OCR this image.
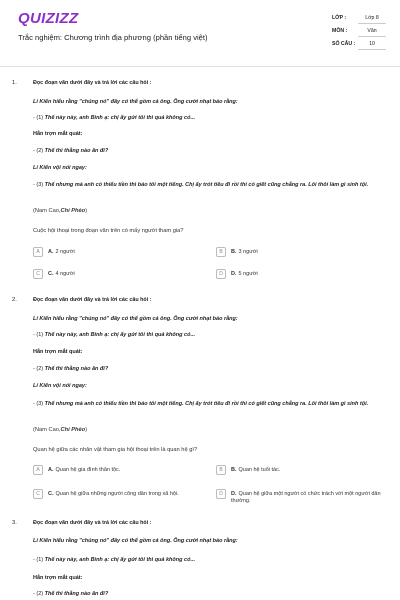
QUIZIZZ
Trắc nghiệm: Chương trình địa phương (phần tiếng việt)
LỚP :	Lớp 8
MÔN :	Văn
SỐ CÂU :	10
1.	Đọc đoạn văn dưới đây và trả lời các câu hỏi :
Lí Kiến hiểu rằng "chúng nó" đây có thể gồm cả ông. Ông cười nhạt bảo rằng:
- (1) Thế này này, anh Binh ạ: chị ấy gửi tôi thì quả không có...
Hắn trợn mắt quát:
- (2) Thế thì thằng nào ăn đi?
Lí Kiến vội nói ngay:
- (3) Thế nhưng mà anh có thiếu tiền thì bảo tôi một tiếng. Chị ấy trót tiêu đi rồi thì có giết cũng chẳng ra. Lôi thôi làm gì sinh tội.
(Nam Cao,Chí Phèo)
Cuộc hội thoại trong đoạn văn trên có mấy người tham gia?
A	A. 2 người	B	B. 3 người
C	C. 4 người	D	D. 5 người
2.	Đọc đoạn văn dưới đây và trả lời các câu hỏi :
Lí Kiến hiểu rằng "chúng nó" đây có thể gồm cả ông. Ông cười nhạt bảo rằng:
- (1) Thế này này, anh Binh ạ: chị ấy gửi tôi thì quả không có...
Hắn trợn mắt quát:
- (2) Thế thì thằng nào ăn đi?
Lí Kiến vội nói ngay:
- (3) Thế nhưng mà anh có thiếu tiền thì bảo tôi một tiếng. Chị ấy trót tiêu đi rồi thì có giết cũng chẳng ra. Lôi thôi làm gì sinh tội.
(Nam Cao,Chí Phèo)
Quan hệ giữa các nhân vật tham gia hội thoại trên là quan hệ gì?
A	A. Quan hệ gia đình thân tộc.	B	B. Quan hệ tuổi tác.
C	C. Quan hệ giữa những người công dân trong xã hội.	D	D. Quan hệ giữa một người có chức trách với một người dân thường.
3.	Đọc đoạn văn dưới đây và trả lời các câu hỏi :
Lí Kiến hiểu rằng "chúng nó" đây có thể gồm cả ông. Ông cười nhạt bảo rằng:
- (1) Thế này này, anh Binh ạ: chị ấy gửi tôi thì quả không có...
Hắn trợn mắt quát:
- (2) Thế thì thằng nào ăn đi?
